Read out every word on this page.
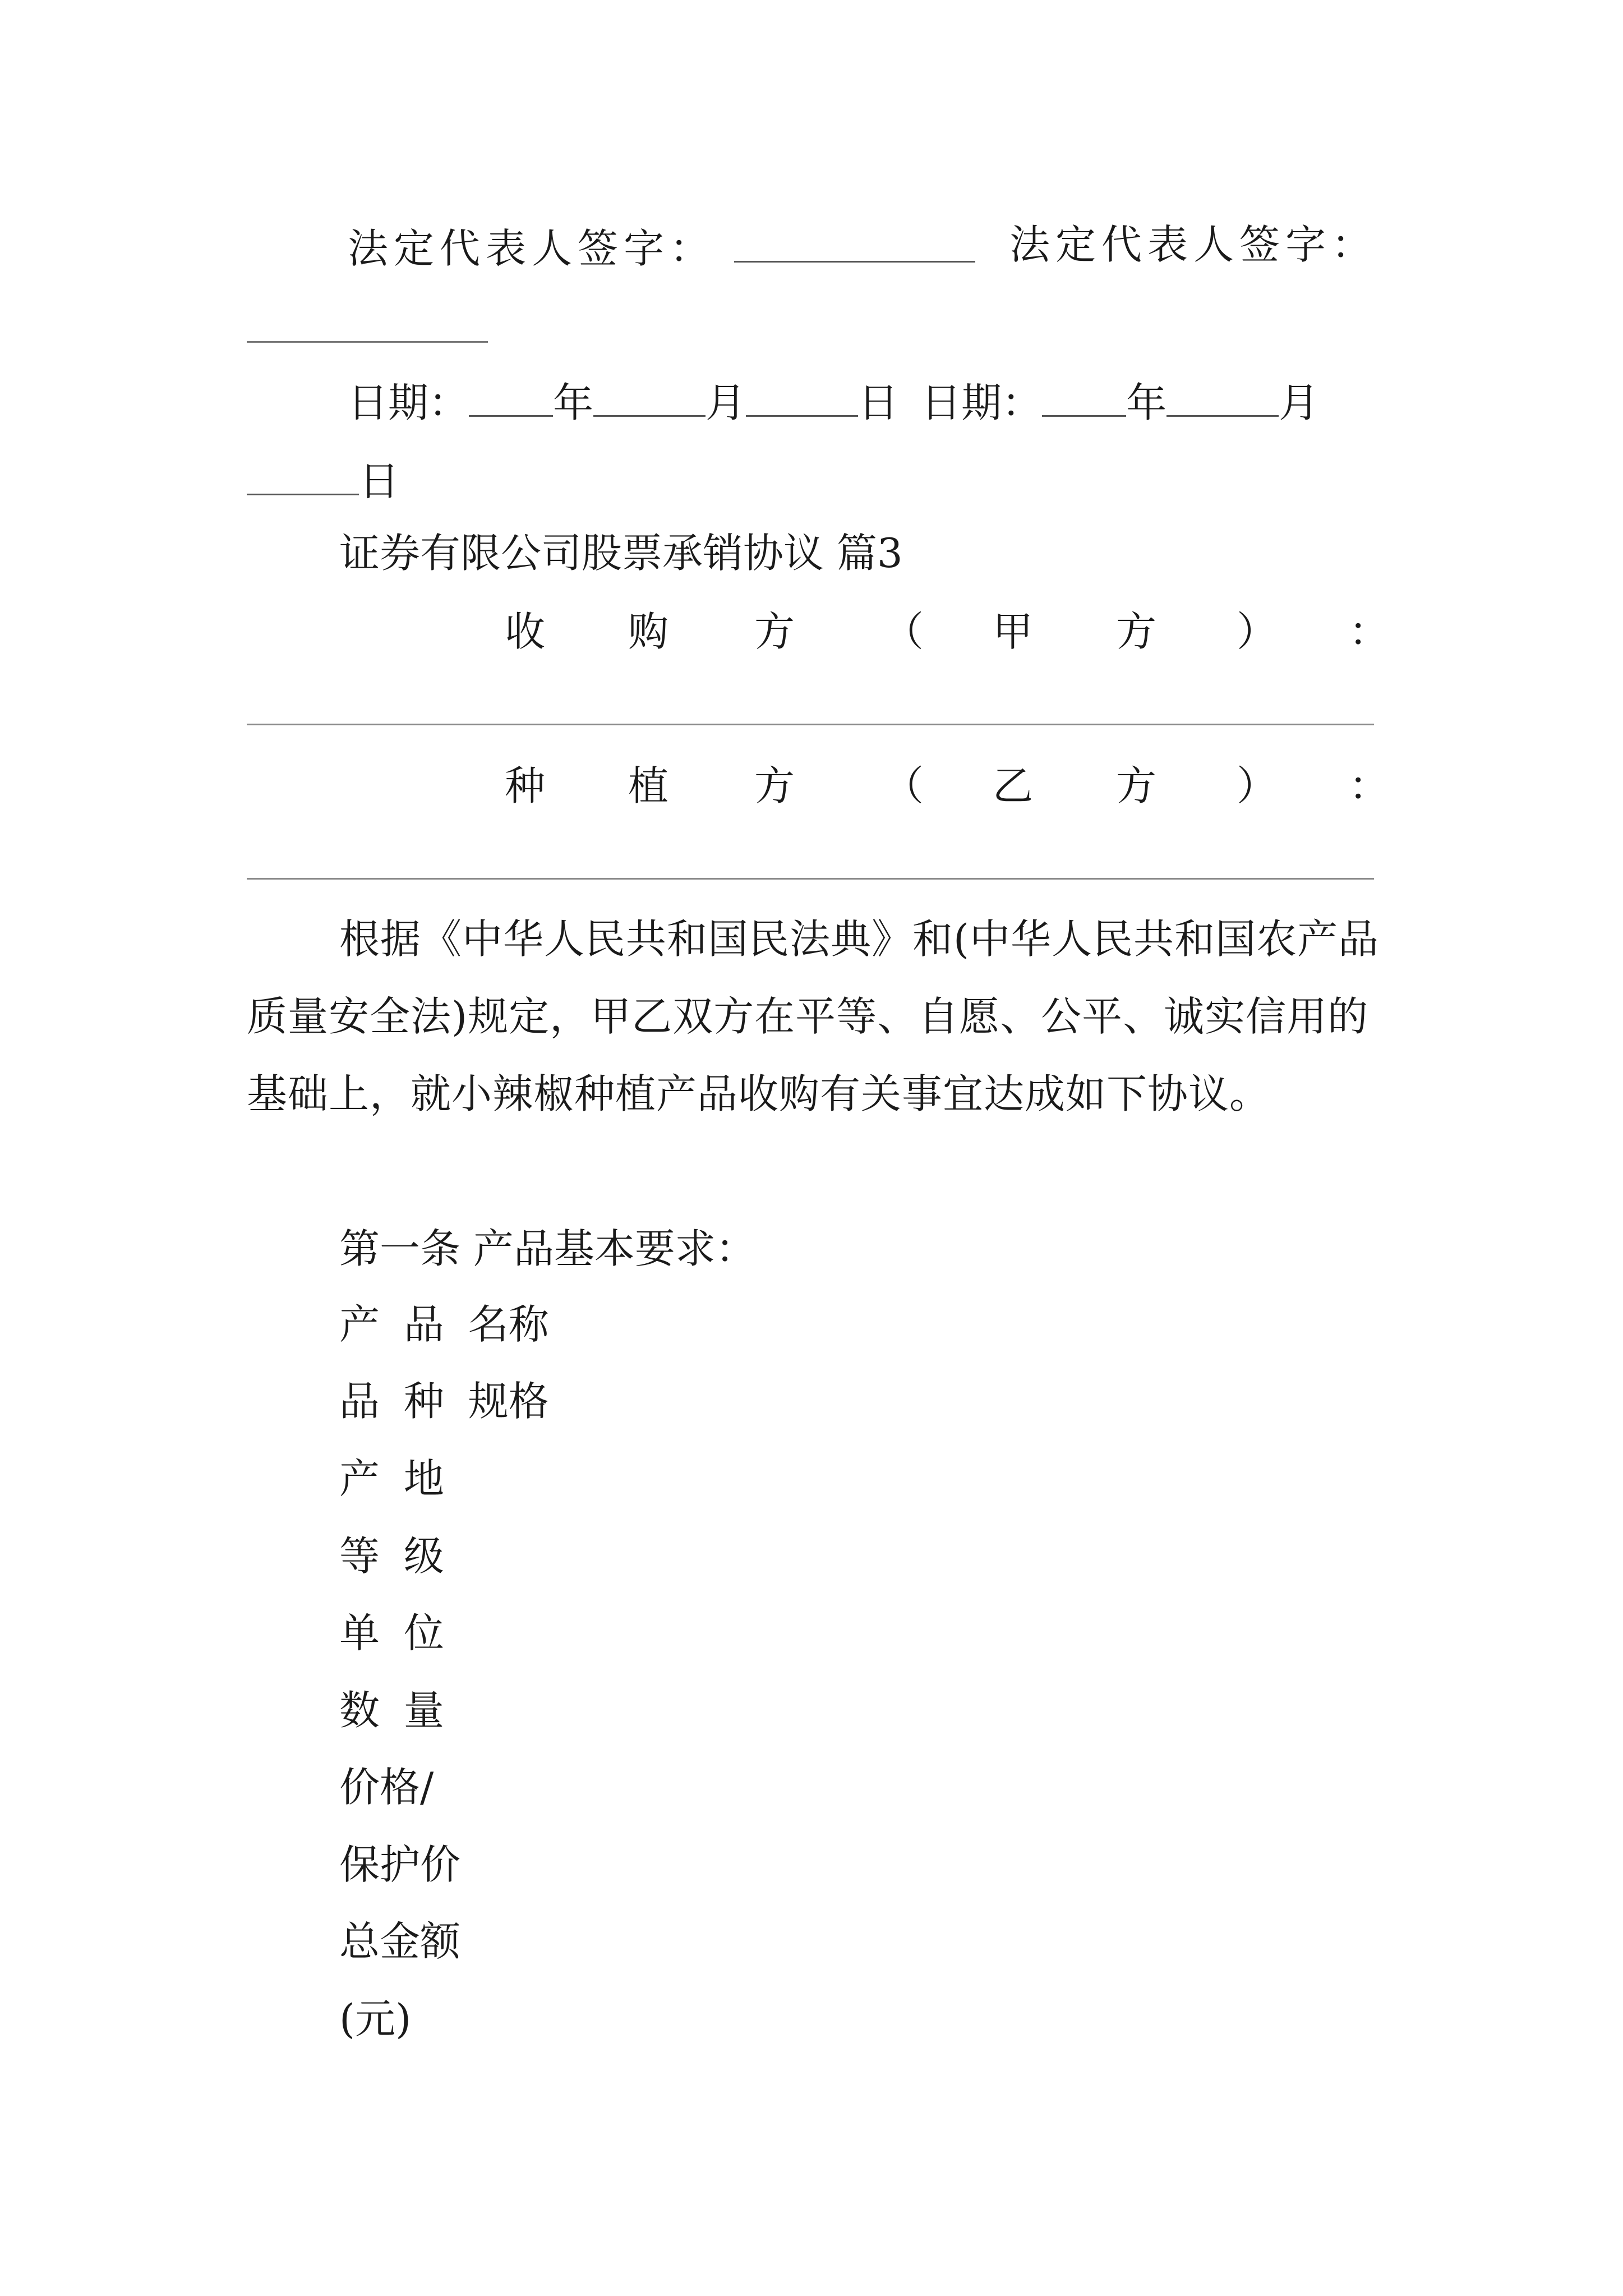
法定代表人签字：	法定代表人签字：
日期： 年	月	日 日期： 年	月
日
证券有限公司股票承销协议 篇3
收 购 方 （ 甲 方 ） ：
种 植 方 （ 乙 方 ） ：
根据《中华人民共和国民法典》和(中华人民共和国农产品质量安全法)规定，甲乙双方在平等、自愿、公平、诚实信用的基础上，就小辣椒种植产品收购有关事宜达成如下协议。
第一条 产品基本要求：
产 品 名称
品 种 规格
产 地
等 级
单 位
数 量
价格/
保护价
总金额
(元)
